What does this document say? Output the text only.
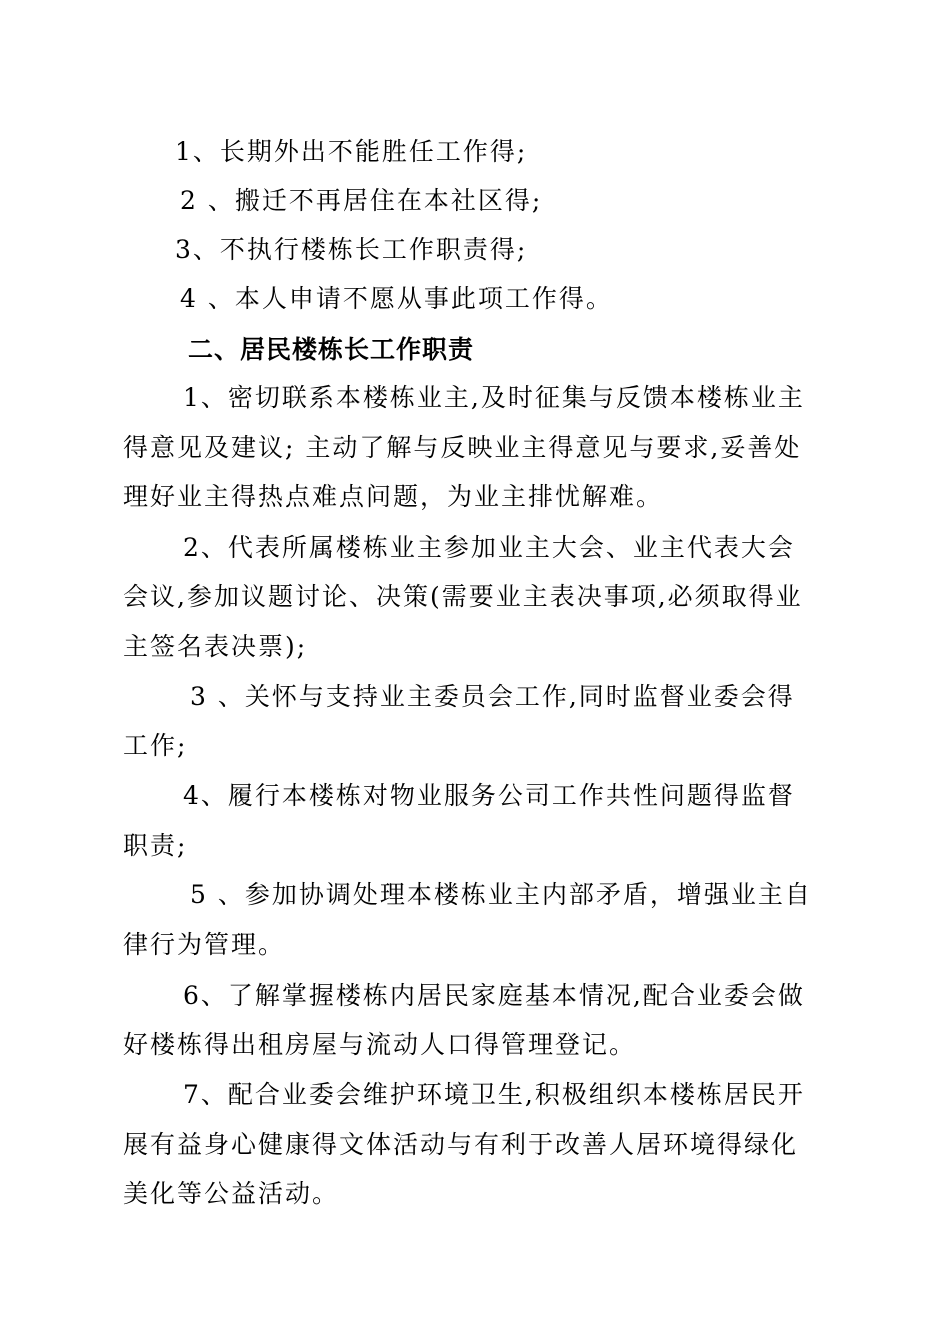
1、长期外出不能胜任工作得;
2 、搬迁不再居住在本社区得;
3、不执行楼栋长工作职责得;
4 、本人申请不愿从事此项工作得。
二、居民楼栋长工作职责
1、密切联系本楼栋业主,及时征集与反馈本楼栋业主
得意见及建议; 主动了解与反映业主得意见与要求,妥善处
理好业主得热点难点问题，为业主排忧解难。
2、代表所属楼栋业主参加业主大会、业主代表大会
会议,参加议题讨论、决策(需要业主表决事项,必须取得业
主签名表决票);
3 、关怀与支持业主委员会工作,同时监督业委会得
工作;
4、履行本楼栋对物业服务公司工作共性问题得监督
职责;
5 、参加协调处理本楼栋业主内部矛盾，增强业主自
律行为管理。
6、了解掌握楼栋内居民家庭基本情况,配合业委会做
好楼栋得出租房屋与流动人口得管理登记。
7、配合业委会维护环境卫生,积极组织本楼栋居民开
展有益身心健康得文体活动与有利于改善人居环境得绿化
美化等公益活动。
